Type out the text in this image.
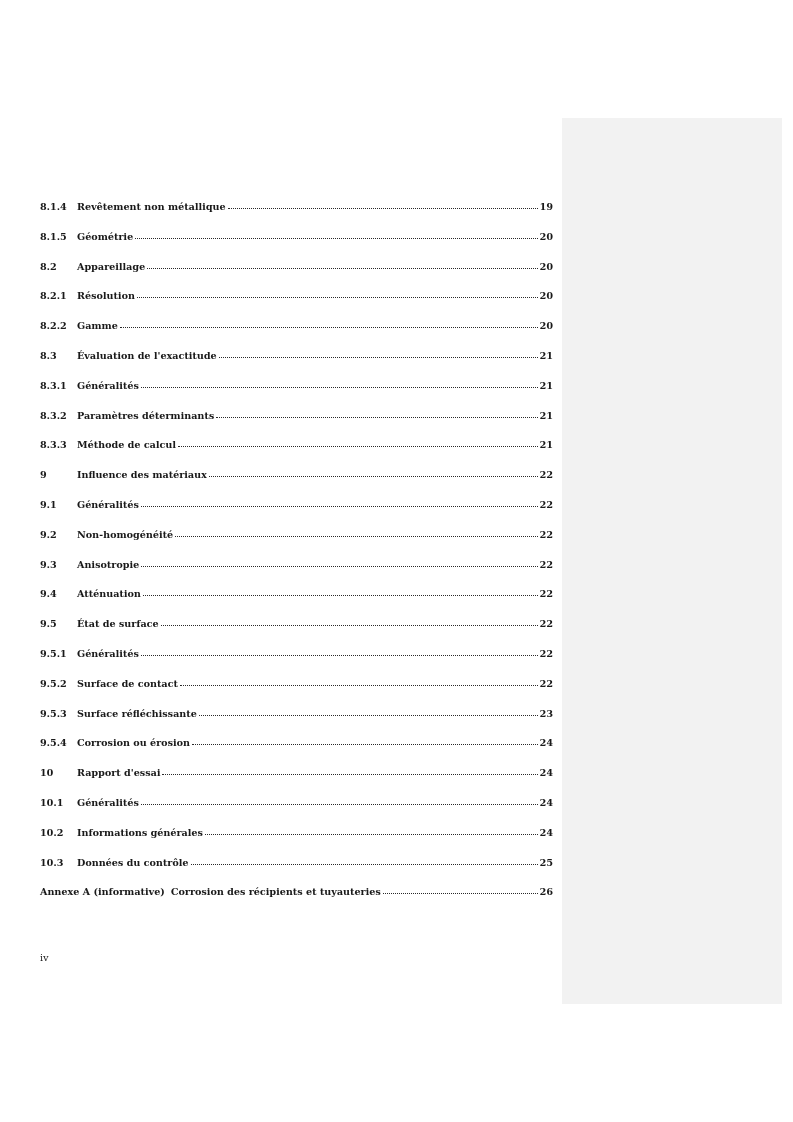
8.1.4	Revêtement non métallique	19
8.1.5	Géométrie	20
8.2	Appareillage	20
8.2.1	Résolution	20
8.2.2	Gamme	20
8.3	Évaluation de l'exactitude	21
8.3.1	Généralités	21
8.3.2	Paramètres déterminants	21
8.3.3	Méthode de calcul	21
9	Influence des matériaux	22
9.1	Généralités	22
9.2	Non-homogénéité	22
9.3	Anisotropie	22
9.4	Atténuation	22
9.5	État de surface	22
9.5.1	Généralités	22
9.5.2	Surface de contact	22
9.5.3	Surface réfléchissante	23
9.5.4	Corrosion ou érosion	24
10	Rapport d'essai	24
10.1	Généralités	24
10.2	Informations générales	24
10.3	Données du contrôle	25
Annexe A (informative) Corrosion des récipients et tuyauteries	26
iv
